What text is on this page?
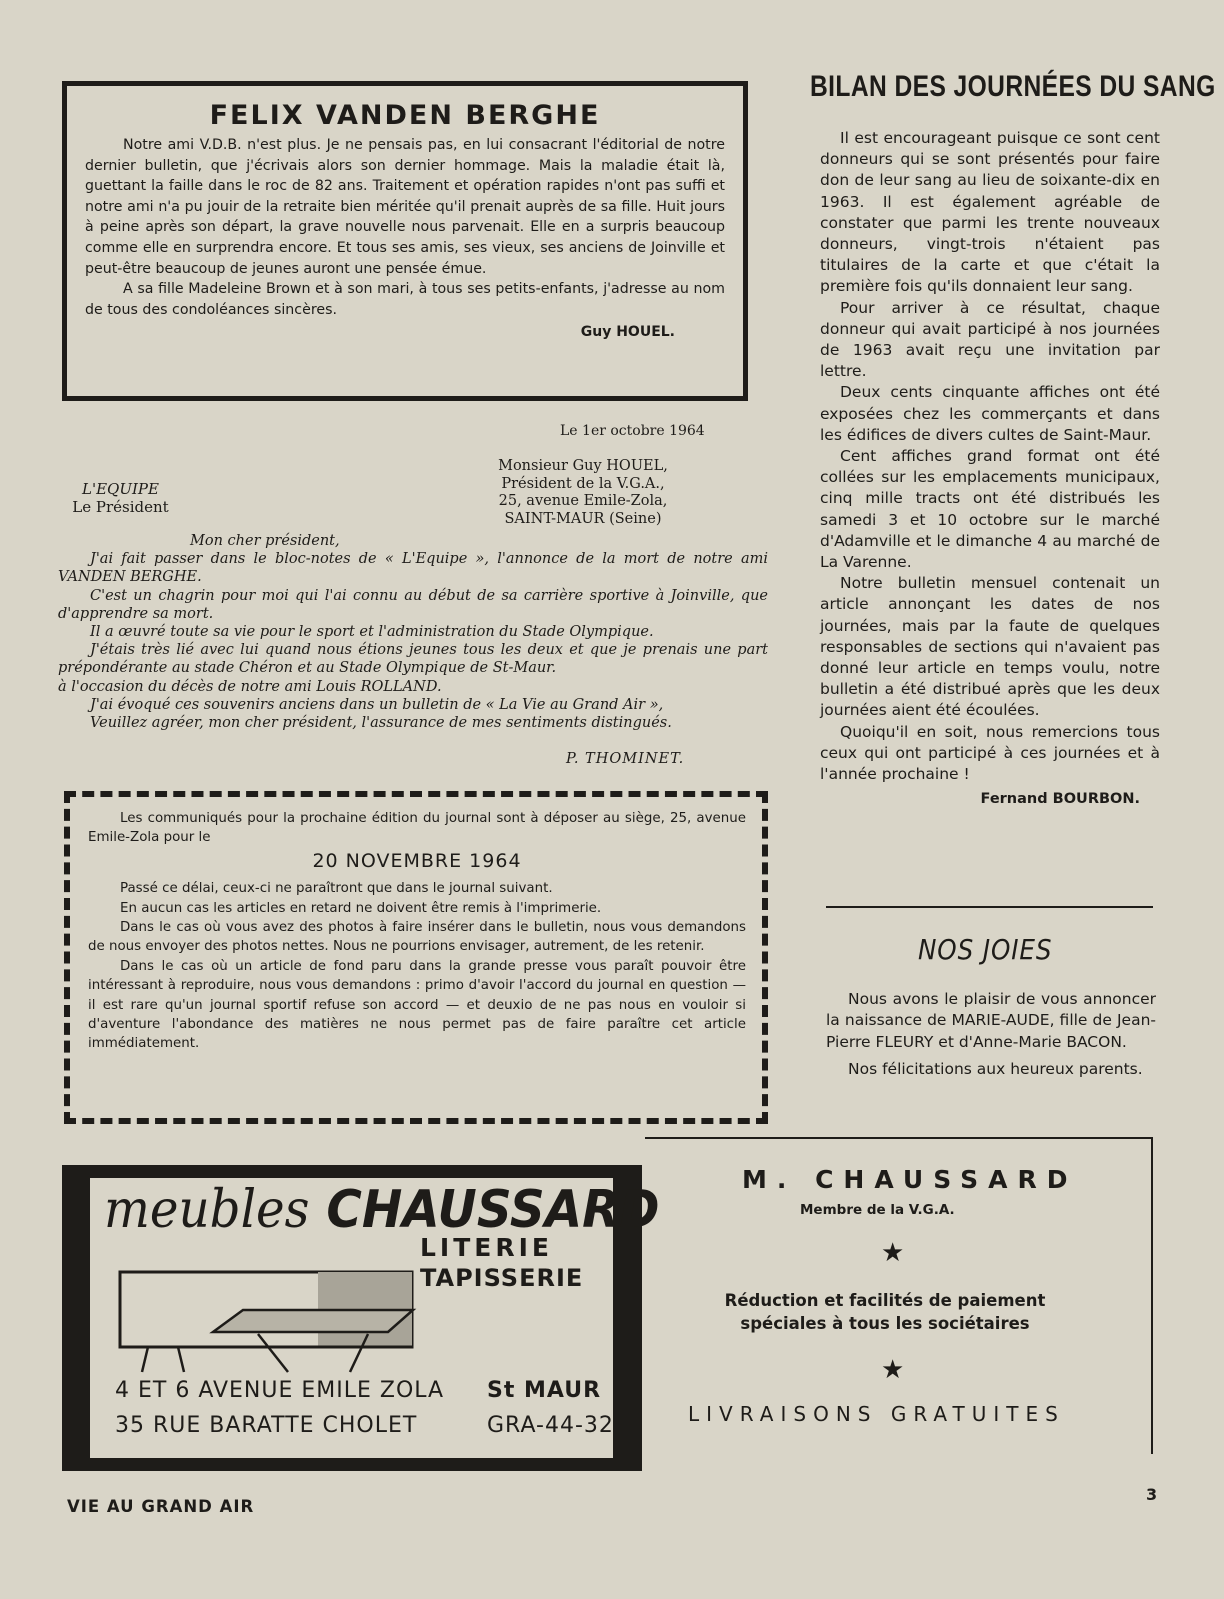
FELIX VANDEN BERGHE

Notre ami V.D.B. n'est plus. Je ne pensais pas, en lui consacrant l'éditorial de notre dernier bulletin, que j'écrivais alors son dernier hommage. Mais la maladie était là, guettant la faille dans le roc de 82 ans. Traitement et opération rapides n'ont pas suffi et notre ami n'a pu jouir de la retraite bien méritée qu'il prenait auprès de sa fille. Huit jours à peine après son départ, la grave nouvelle nous parvenait. Elle en a surpris beaucoup comme elle en surprendra encore. Et tous ses amis, ses vieux, ses anciens de Joinville et peut-être beaucoup de jeunes auront une pensée émue.

A sa fille Madeleine Brown et à son mari, à tous ses petits-enfants, j'adresse au nom de tous des condoléances sincères.

Guy HOUEL.

Le 1er octobre 1964
L'EQUIPE
Le Président
Monsieur Guy HOUEL,
Président de la V.G.A.,
25, avenue Emile-Zola,
SAINT-MAUR (Seine)

Mon cher président,

J'ai fait passer dans le bloc-notes de « L'Equipe », l'annonce de la mort de notre ami VANDEN BERGHE.

C'est un chagrin pour moi qui l'ai connu au début de sa carrière sportive à Joinville, que d'apprendre sa mort.

Il a œuvré toute sa vie pour le sport et l'administration du Stade Olympique.

J'étais très lié avec lui quand nous étions jeunes tous les deux et que je prenais une part prépondérante au stade Chéron et au Stade Olympique de St-Maur.

à l'occasion du décès de notre ami Louis ROLLAND.

J'ai évoqué ces souvenirs anciens dans un bulletin de « La Vie au Grand Air »,

Veuillez agréer, mon cher président, l'assurance de mes sentiments distingués.

P. THOMINET.

Les communiqués pour la prochaine édition du journal sont à déposer au siège, 25, avenue Emile-Zola pour le

20 NOVEMBRE 1964

Passé ce délai, ceux-ci ne paraîtront que dans le journal suivant.

En aucun cas les articles en retard ne doivent être remis à l'imprimerie.

Dans le cas où vous avez des photos à faire insérer dans le bulletin, nous vous demandons de nous envoyer des photos nettes. Nous ne pourrions envisager, autrement, de les retenir.

Dans le cas où un article de fond paru dans la grande presse vous paraît pouvoir être intéressant à reproduire, nous vous demandons : primo d'avoir l'accord du journal en question — il est rare qu'un journal sportif refuse son accord — et deuxio de ne pas nous en vouloir si d'aventure l'abondance des matières ne nous permet pas de faire paraître cet article immédiatement.

BILAN DES JOURNÉES DU SANG

Il est encourageant puisque ce sont cent donneurs qui se sont présentés pour faire don de leur sang au lieu de soixante-dix en 1963. Il est également agréable de constater que parmi les trente nouveaux donneurs, vingt-trois n'étaient pas titulaires de la carte et que c'était la première fois qu'ils donnaient leur sang.

Pour arriver à ce résultat, chaque donneur qui avait participé à nos journées de 1963 avait reçu une invitation par lettre.

Deux cents cinquante affiches ont été exposées chez les commerçants et dans les édifices de divers cultes de Saint-Maur.

Cent affiches grand format ont été collées sur les emplacements municipaux, cinq mille tracts ont été distribués les samedi 3 et 10 octobre sur le marché d'Adamville et le dimanche 4 au marché de La Varenne.

Notre bulletin mensuel contenait un article annonçant les dates de nos journées, mais par la faute de quelques responsables de sections qui n'avaient pas donné leur article en temps voulu, notre bulletin a été distribué après que les deux journées aient été écoulées.

Quoiqu'il en soit, nous remercions tous ceux qui ont participé à ces journées et à l'année prochaine !

Fernand BOURBON.

NOS JOIES

Nous avons le plaisir de vous annoncer la naissance de MARIE-AUDE, fille de Jean-Pierre FLEURY et d'Anne-Marie BACON.

Nos félicitations aux heureux parents.

meubles CHAUSSARD
LITERIE
TAPISSERIE
4 ET 6 AVENUE EMILE ZOLA St MAUR
35 RUE BARATTE CHOLET	GRA-44-32
M. CHAUSSARD
Membre de la V.G.A.
★
Réduction et facilités de paiement spéciales à tous les sociétaires
★
LIVRAISONS GRATUITES
VIE AU GRAND AIR
3
